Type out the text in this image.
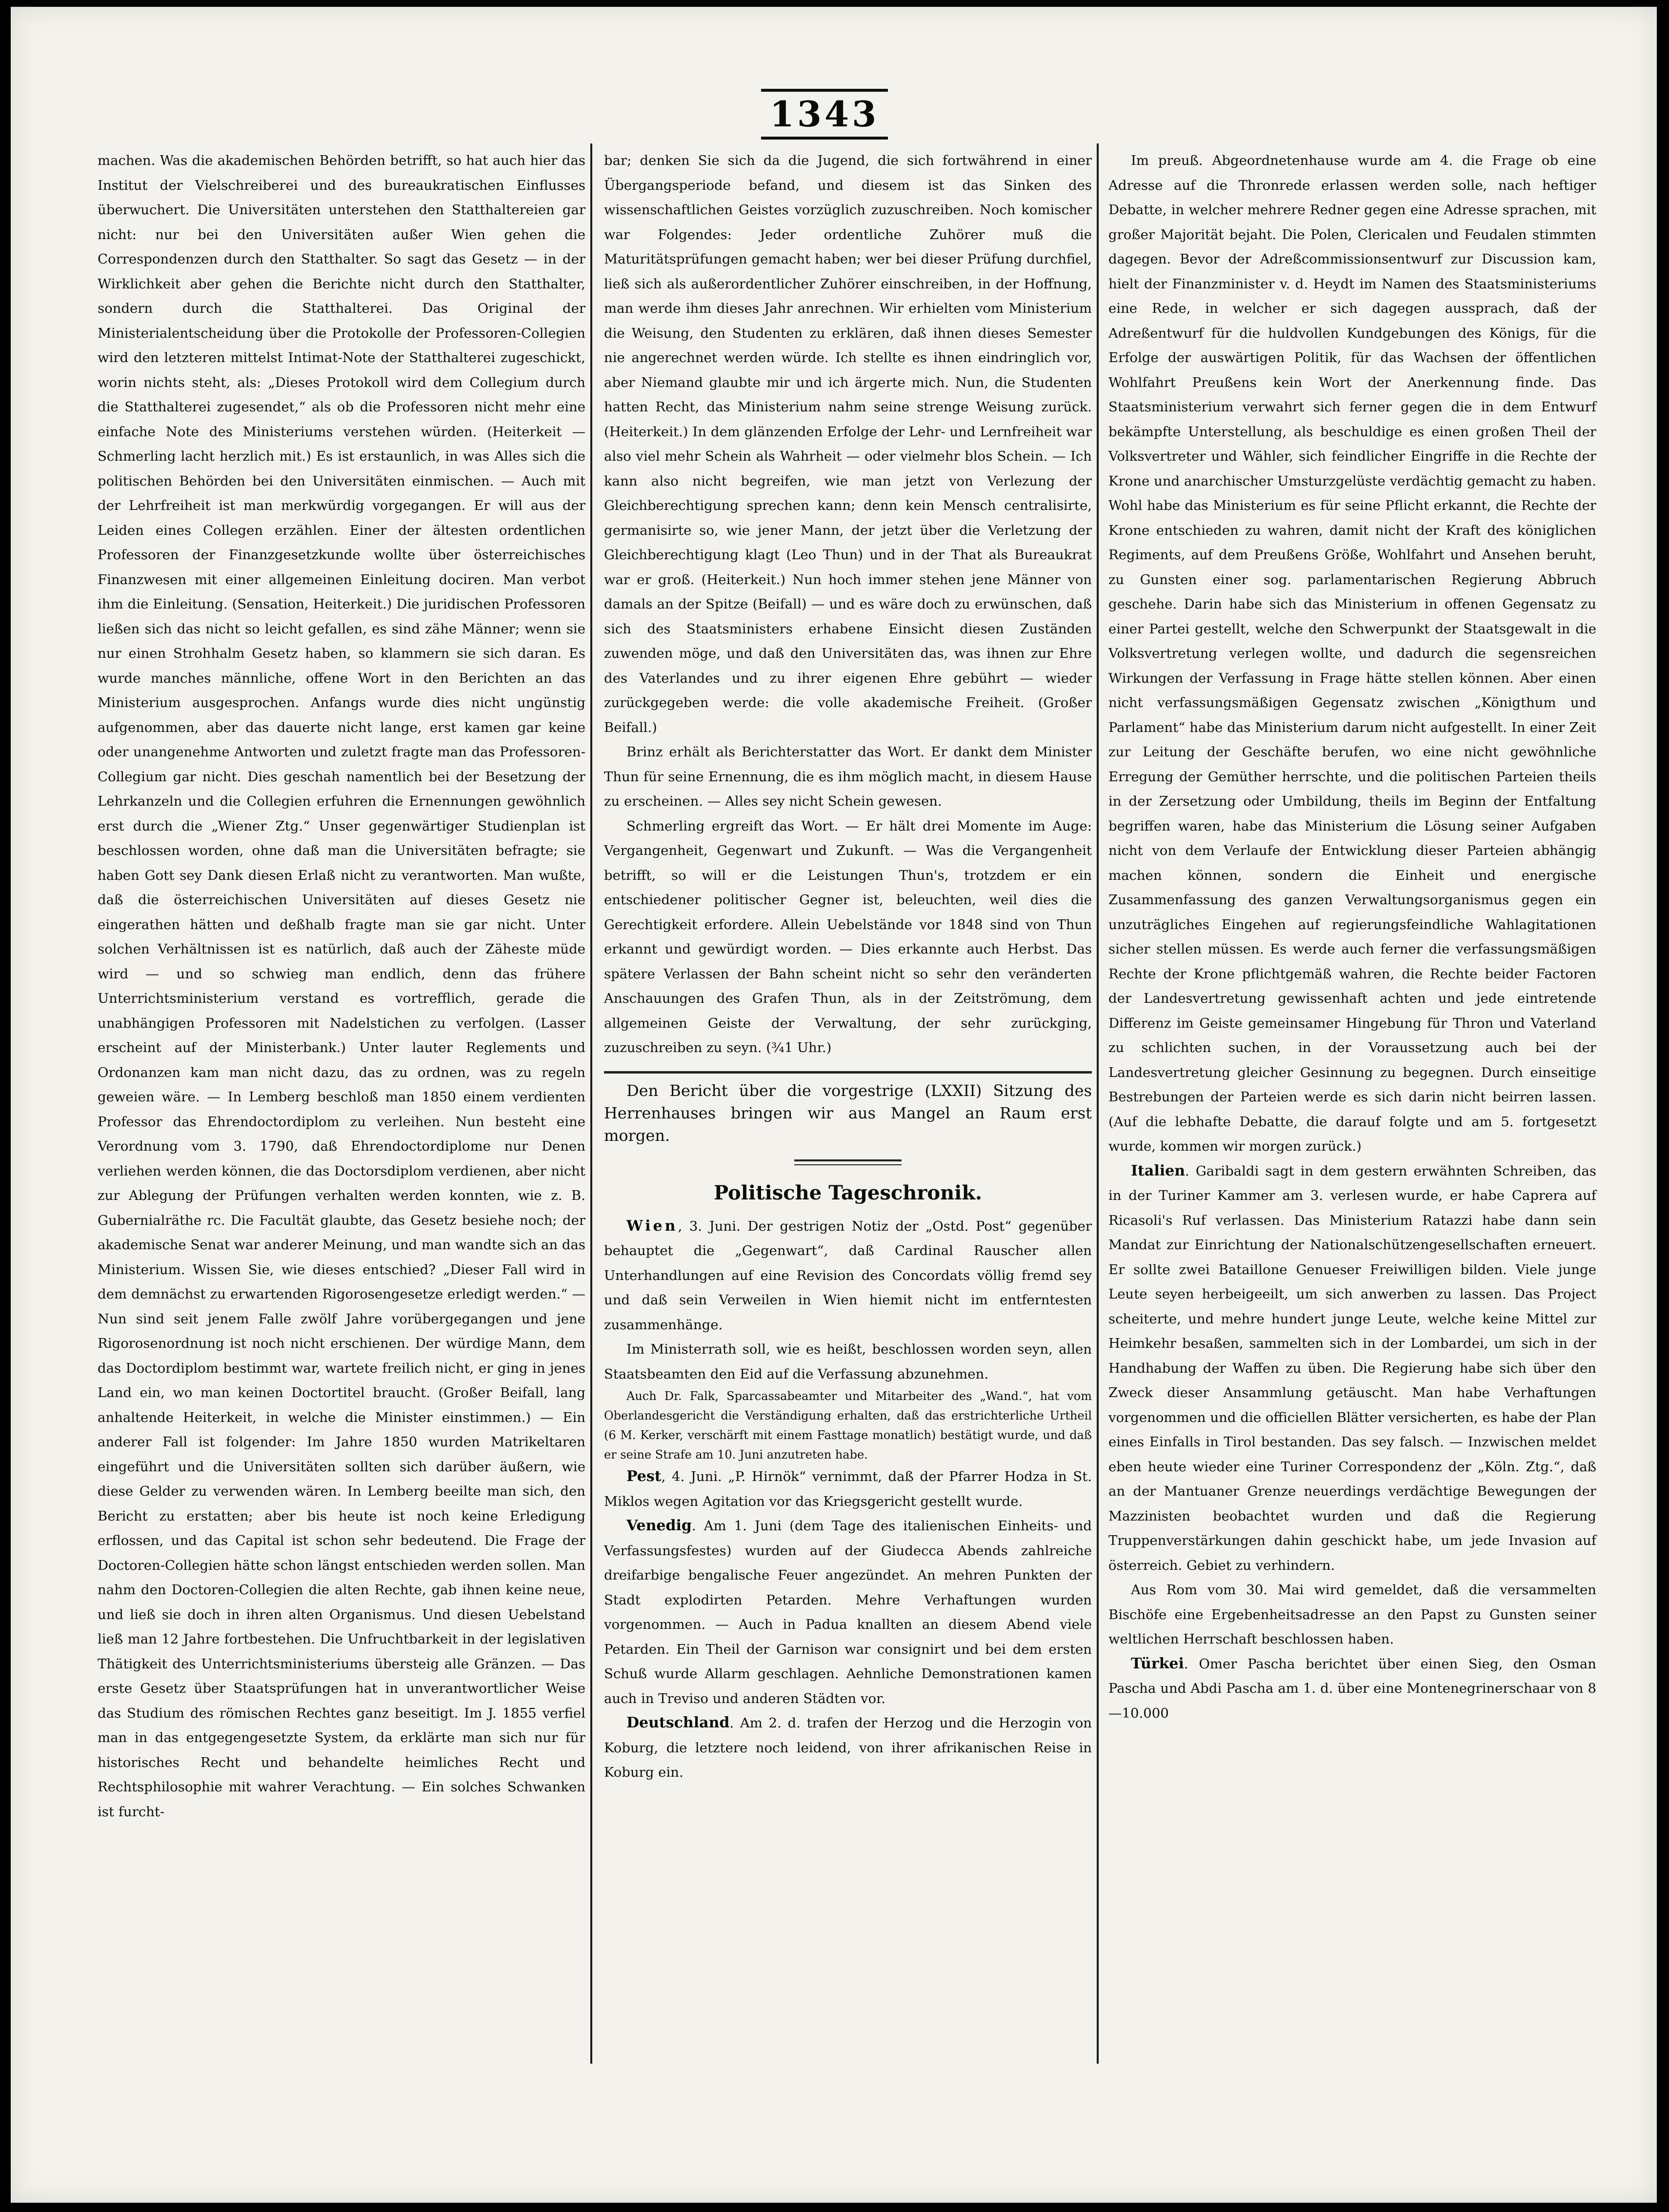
1343

machen. Was die akademischen Behörden betrifft, so hat auch hier das Institut der Vielschreiberei und des bureaukratischen Einflusses überwuchert. Die Universitäten unterstehen den Statthaltereien gar nicht: nur bei den Universitäten außer Wien gehen die Correspondenzen durch den Statthalter. So sagt das Gesetz — in der Wirklichkeit aber gehen die Berichte nicht durch den Statthalter, sondern durch die Statthalterei. Das Original der Ministerialentscheidung über die Protokolle der Professoren-Collegien wird den letzteren mittelst Intimat-Note der Statthalterei zugeschickt, worin nichts steht, als: „Dieses Protokoll wird dem Collegium durch die Statthalterei zugesendet,“ als ob die Professoren nicht mehr eine einfache Note des Ministeriums verstehen würden. (Heiterkeit — Schmerling lacht herzlich mit.) Es ist erstaunlich, in was Alles sich die politischen Behörden bei den Universitäten einmischen. — Auch mit der Lehrfreiheit ist man merkwürdig vorgegangen. Er will aus der Leiden eines Collegen erzählen. Einer der ältesten ordentlichen Professoren der Finanzgesetzkunde wollte über österreichisches Finanzwesen mit einer allgemeinen Einleitung dociren. Man verbot ihm die Einleitung. (Sensation, Heiterkeit.) Die juridischen Professoren ließen sich das nicht so leicht gefallen, es sind zähe Männer; wenn sie nur einen Strohhalm Gesetz haben, so klammern sie sich daran. Es wurde manches männliche, offene Wort in den Berichten an das Ministerium ausgesprochen. Anfangs wurde dies nicht ungünstig aufgenommen, aber das dauerte nicht lange, erst kamen gar keine oder unangenehme Antworten und zuletzt fragte man das Professoren-Collegium gar nicht. Dies geschah namentlich bei der Besetzung der Lehrkanzeln und die Collegien erfuhren die Ernennungen gewöhnlich erst durch die „Wiener Ztg.“ Unser gegenwärtiger Studienplan ist beschlossen worden, ohne daß man die Universitäten befragte; sie haben Gott sey Dank diesen Erlaß nicht zu verantworten. Man wußte, daß die österreichischen Universitäten auf dieses Gesetz nie eingerathen hätten und deßhalb fragte man sie gar nicht. Unter solchen Verhältnissen ist es natürlich, daß auch der Zäheste müde wird — und so schwieg man endlich, denn das frühere Unterrichtsministerium verstand es vortrefflich, gerade die unabhängigen Professoren mit Nadelstichen zu verfolgen. (Lasser erscheint auf der Ministerbank.) Unter lauter Reglements und Ordonanzen kam man nicht dazu, das zu ordnen, was zu regeln geweien wäre. — In Lemberg beschloß man 1850 einem verdienten Professor das Ehrendoctordiplom zu verleihen. Nun besteht eine Verordnung vom 3. 1790, daß Ehrendoctordiplome nur Denen verliehen werden können, die das Doctorsdiplom verdienen, aber nicht zur Ablegung der Prüfungen verhalten werden konnten, wie z. B. Gubernialräthe rc. Die Facultät glaubte, das Gesetz besiehe noch; der akademische Senat war anderer Meinung, und man wandte sich an das Ministerium. Wissen Sie, wie dieses entschied? „Dieser Fall wird in dem demnächst zu erwartenden Rigorosengesetze erledigt werden.“ — Nun sind seit jenem Falle zwölf Jahre vorübergegangen und jene Rigorosenordnung ist noch nicht erschienen. Der würdige Mann, dem das Doctordiplom bestimmt war, wartete freilich nicht, er ging in jenes Land ein, wo man keinen Doctortitel braucht. (Großer Beifall, lang anhaltende Heiterkeit, in welche die Minister einstimmen.) — Ein anderer Fall ist folgender: Im Jahre 1850 wurden Matrikeltaren eingeführt und die Universitäten sollten sich darüber äußern, wie diese Gelder zu verwenden wären. In Lemberg beeilte man sich, den Bericht zu erstatten; aber bis heute ist noch keine Erledigung erflossen, und das Capital ist schon sehr bedeutend. Die Frage der Doctoren-Collegien hätte schon längst entschieden werden sollen. Man nahm den Doctoren-Collegien die alten Rechte, gab ihnen keine neue, und ließ sie doch in ihren alten Organismus. Und diesen Uebelstand ließ man 12 Jahre fortbestehen. Die Unfruchtbarkeit in der legislativen Thätigkeit des Unterrichtsministeriums übersteig alle Gränzen. — Das erste Gesetz über Staatsprüfungen hat in unverantwortlicher Weise das Studium des römischen Rechtes ganz beseitigt. Im J. 1855 verfiel man in das entgegengesetzte System, da erklärte man sich nur für historisches Recht und behandelte heimliches Recht und Rechtsphilosophie mit wahrer Verachtung. — Ein solches Schwanken ist furcht-

bar; denken Sie sich da die Jugend, die sich fortwährend in einer Übergangsperiode befand, und diesem ist das Sinken des wissenschaftlichen Geistes vorzüglich zuzuschreiben. Noch komischer war Folgendes: Jeder ordentliche Zuhörer muß die Maturitätsprüfungen gemacht haben; wer bei dieser Prüfung durchfiel, ließ sich als außerordentlicher Zuhörer einschreiben, in der Hoffnung, man werde ihm dieses Jahr anrechnen. Wir erhielten vom Ministerium die Weisung, den Studenten zu erklären, daß ihnen dieses Semester nie angerechnet werden würde. Ich stellte es ihnen eindringlich vor, aber Niemand glaubte mir und ich ärgerte mich. Nun, die Studenten hatten Recht, das Ministerium nahm seine strenge Weisung zurück. (Heiterkeit.) In dem glänzenden Erfolge der Lehr- und Lernfreiheit war also viel mehr Schein als Wahrheit — oder vielmehr blos Schein. — Ich kann also nicht begreifen, wie man jetzt von Verlezung der Gleichberechtigung sprechen kann; denn kein Mensch centralisirte, germanisirte so, wie jener Mann, der jetzt über die Verletzung der Gleichberechtigung klagt (Leo Thun) und in der That als Bureaukrat war er groß. (Heiterkeit.) Nun hoch immer stehen jene Männer von damals an der Spitze (Beifall) — und es wäre doch zu erwünschen, daß sich des Staatsministers erhabene Einsicht diesen Zuständen zuwenden möge, und daß den Universitäten das, was ihnen zur Ehre des Vaterlandes und zu ihrer eigenen Ehre gebührt — wieder zurückgegeben werde: die volle akademische Freiheit. (Großer Beifall.)

Brinz erhält als Berichterstatter das Wort. Er dankt dem Minister Thun für seine Ernennung, die es ihm möglich macht, in diesem Hause zu erscheinen. — Alles sey nicht Schein gewesen.

Schmerling ergreift das Wort. — Er hält drei Momente im Auge: Vergangenheit, Gegenwart und Zukunft. — Was die Vergangenheit betrifft, so will er die Leistungen Thun's, trotzdem er ein entschiedener politischer Gegner ist, beleuchten, weil dies die Gerechtigkeit erfordere. Allein Uebelstände vor 1848 sind von Thun erkannt und gewürdigt worden. — Dies erkannte auch Herbst. Das spätere Verlassen der Bahn scheint nicht so sehr den veränderten Anschauungen des Grafen Thun, als in der Zeitströmung, dem allgemeinen Geiste der Verwaltung, der sehr zurückging, zuzuschreiben zu seyn. (¾1 Uhr.)

Den Bericht über die vorgestrige (LXXII) Sitzung des Herrenhauses bringen wir aus Mangel an Raum erst morgen.
Politische Tageschronik.

Wien, 3. Juni. Der gestrigen Notiz der „Ostd. Post“ gegenüber behauptet die „Gegenwart“, daß Cardinal Rauscher allen Unterhandlungen auf eine Revision des Concordats völlig fremd sey und daß sein Verweilen in Wien hiemit nicht im entferntesten zusammenhänge.

Im Ministerrath soll, wie es heißt, beschlossen worden seyn, allen Staatsbeamten den Eid auf die Verfassung abzunehmen.

Auch Dr. Falk, Sparcassabeamter und Mitarbeiter des „Wand.“, hat vom Oberlandesgericht die Verständigung erhalten, daß das erstrichterliche Urtheil (6 M. Kerker, verschärft mit einem Fasttage monatlich) bestätigt wurde, und daß er seine Strafe am 10. Juni anzutreten habe.

Pest, 4. Juni. „P. Hirnök“ vernimmt, daß der Pfarrer Hodza in St. Miklos wegen Agitation vor das Kriegsgericht gestellt wurde.

Venedig. Am 1. Juni (dem Tage des italienischen Einheits- und Verfassungsfestes) wurden auf der Giudecca Abends zahlreiche dreifarbige bengalische Feuer angezündet. An mehren Punkten der Stadt explodirten Petarden. Mehre Verhaftungen wurden vorgenommen. — Auch in Padua knallten an diesem Abend viele Petarden. Ein Theil der Garnison war consignirt und bei dem ersten Schuß wurde Allarm geschlagen. Aehnliche Demonstrationen kamen auch in Treviso und anderen Städten vor.

Deutschland. Am 2. d. trafen der Herzog und die Herzogin von Koburg, die letztere noch leidend, von ihrer afrikanischen Reise in Koburg ein.

Im preuß. Abgeordnetenhause wurde am 4. die Frage ob eine Adresse auf die Thronrede erlassen werden solle, nach heftiger Debatte, in welcher mehrere Redner gegen eine Adresse sprachen, mit großer Majorität bejaht. Die Polen, Clericalen und Feudalen stimmten dagegen. Bevor der Adreßcommissionsentwurf zur Discussion kam, hielt der Finanzminister v. d. Heydt im Namen des Staatsministeriums eine Rede, in welcher er sich dagegen aussprach, daß der Adreßentwurf für die huldvollen Kundgebungen des Königs, für die Erfolge der auswärtigen Politik, für das Wachsen der öffentlichen Wohlfahrt Preußens kein Wort der Anerkennung finde. Das Staatsministerium verwahrt sich ferner gegen die in dem Entwurf bekämpfte Unterstellung, als beschuldige es einen großen Theil der Volksvertreter und Wähler, sich feindlicher Eingriffe in die Rechte der Krone und anarchischer Umsturzgelüste verdächtig gemacht zu haben. Wohl habe das Ministerium es für seine Pflicht erkannt, die Rechte der Krone entschieden zu wahren, damit nicht der Kraft des königlichen Regiments, auf dem Preußens Größe, Wohlfahrt und Ansehen beruht, zu Gunsten einer sog. parlamentarischen Regierung Abbruch geschehe. Darin habe sich das Ministerium in offenen Gegensatz zu einer Partei gestellt, welche den Schwerpunkt der Staatsgewalt in die Volksvertretung verlegen wollte, und dadurch die segensreichen Wirkungen der Verfassung in Frage hätte stellen können. Aber einen nicht verfassungsmäßigen Gegensatz zwischen „Königthum und Parlament“ habe das Ministerium darum nicht aufgestellt. In einer Zeit zur Leitung der Geschäfte berufen, wo eine nicht gewöhnliche Erregung der Gemüther herrschte, und die politischen Parteien theils in der Zersetzung oder Umbildung, theils im Beginn der Entfaltung begriffen waren, habe das Ministerium die Lösung seiner Aufgaben nicht von dem Verlaufe der Entwicklung dieser Parteien abhängig machen können, sondern die Einheit und energische Zusammenfassung des ganzen Verwaltungsorganismus gegen ein unzuträgliches Eingehen auf regierungsfeindliche Wahlagitationen sicher stellen müssen. Es werde auch ferner die verfassungsmäßigen Rechte der Krone pflichtgemäß wahren, die Rechte beider Factoren der Landesvertretung gewissenhaft achten und jede eintretende Differenz im Geiste gemeinsamer Hingebung für Thron und Vaterland zu schlichten suchen, in der Voraussetzung auch bei der Landesvertretung gleicher Gesinnung zu begegnen. Durch einseitige Bestrebungen der Parteien werde es sich darin nicht beirren lassen. (Auf die lebhafte Debatte, die darauf folgte und am 5. fortgesetzt wurde, kommen wir morgen zurück.)

Italien. Garibaldi sagt in dem gestern erwähnten Schreiben, das in der Turiner Kammer am 3. verlesen wurde, er habe Caprera auf Ricasoli's Ruf verlassen. Das Ministerium Ratazzi habe dann sein Mandat zur Einrichtung der Nationalschützengesellschaften erneuert. Er sollte zwei Bataillone Genueser Freiwilligen bilden. Viele junge Leute seyen herbeigeeilt, um sich anwerben zu lassen. Das Project scheiterte, und mehre hundert junge Leute, welche keine Mittel zur Heimkehr besaßen, sammelten sich in der Lombardei, um sich in der Handhabung der Waffen zu üben. Die Regierung habe sich über den Zweck dieser Ansammlung getäuscht. Man habe Verhaftungen vorgenommen und die officiellen Blätter versicherten, es habe der Plan eines Einfalls in Tirol bestanden. Das sey falsch. — Inzwischen meldet eben heute wieder eine Turiner Correspondenz der „Köln. Ztg.“, daß an der Mantuaner Grenze neuerdings verdächtige Bewegungen der Mazzinisten beobachtet wurden und daß die Regierung Truppenverstärkungen dahin geschickt habe, um jede Invasion auf österreich. Gebiet zu verhindern.

Aus Rom vom 30. Mai wird gemeldet, daß die versammelten Bischöfe eine Ergebenheitsadresse an den Papst zu Gunsten seiner weltlichen Herrschaft beschlossen haben.

Türkei. Omer Pascha berichtet über einen Sieg, den Osman Pascha und Abdi Pascha am 1. d. über eine Montenegrinerschaar von 8—10.000
